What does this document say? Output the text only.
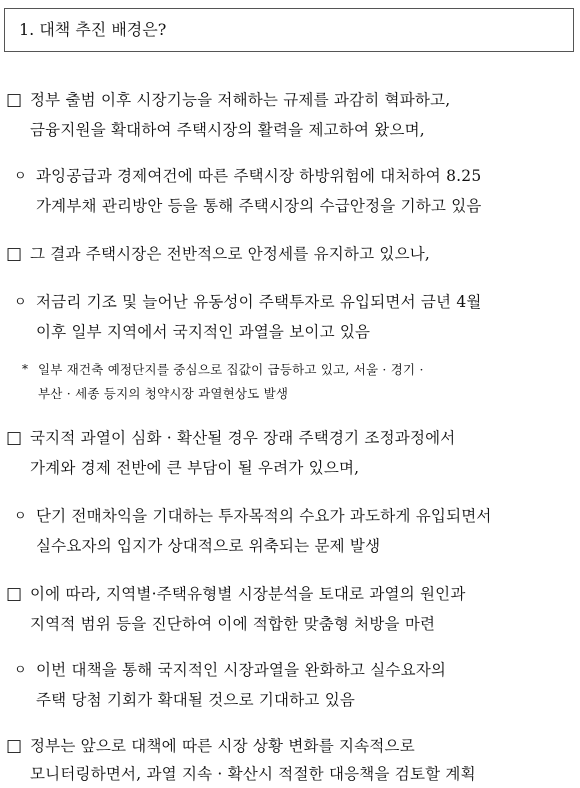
1. 대책 추진 배경은?
□ 정부 출범 이후 시장기능을 저해하는 규제를 과감히 혁파하고,
금융지원을 확대하여 주택시장의 활력을 제고하여 왔으며,
ㅇ 과잉공급과 경제여건에 따른 주택시장 하방위험에 대처하여 8.25
가계부채 관리방안 등을 통해 주택시장의 수급안정을 기하고 있음
□ 그 결과 주택시장은 전반적으로 안정세를 유지하고 있으나,
ㅇ 저금리 기조 및 늘어난 유동성이 주택투자로 유입되면서 금년 4월
이후 일부 지역에서 국지적인 과열을 보이고 있음
* 일부 재건축 예정단지를 중심으로 집값이 급등하고 있고, 서울 · 경기 ·
부산 · 세종 등지의 청약시장 과열현상도 발생
□ 국지적 과열이 심화 · 확산될 경우 장래 주택경기 조정과정에서
가계와 경제 전반에 큰 부담이 될 우려가 있으며,
ㅇ 단기 전매차익을 기대하는 투자목적의 수요가 과도하게 유입되면서
실수요자의 입지가 상대적으로 위축되는 문제 발생
□ 이에 따라, 지역별·주택유형별 시장분석을 토대로 과열의 원인과
지역적 범위 등을 진단하여 이에 적합한 맞춤형 처방을 마련
ㅇ 이번 대책을 통해 국지적인 시장과열을 완화하고 실수요자의
주택 당첨 기회가 확대될 것으로 기대하고 있음
□ 정부는 앞으로 대책에 따른 시장 상황 변화를 지속적으로
모니터링하면서, 과열 지속 · 확산시 적절한 대응책을 검토할 계획
